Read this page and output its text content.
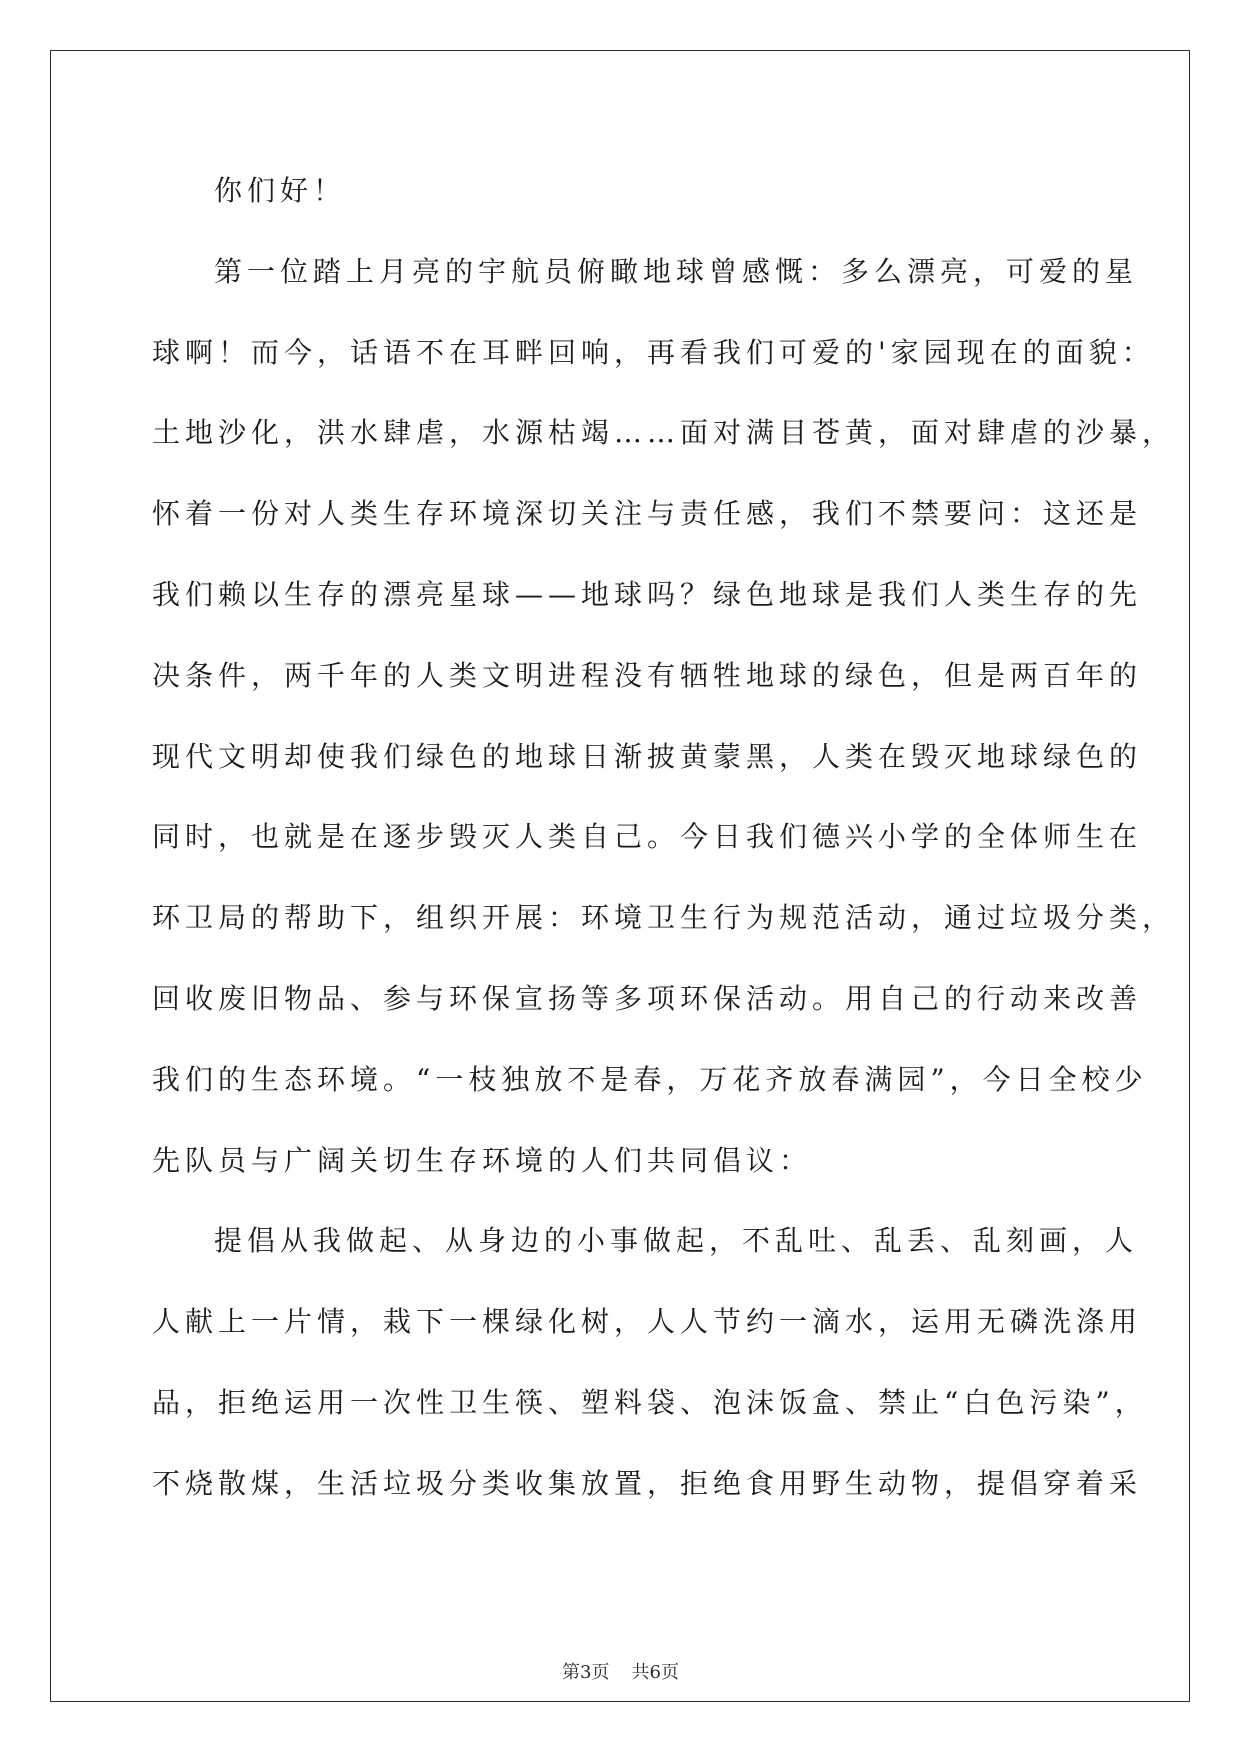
你们好！
第一位踏上月亮的宇航员俯瞰地球曾感慨：多么漂亮，可爱的星
球啊！而今，话语不在耳畔回响，再看我们可爱的'家园现在的面貌：
土地沙化，洪水肆虐，水源枯竭……面对满目苍黄，面对肆虐的沙暴，
怀着一份对人类生存环境深切关注与责任感，我们不禁要问：这还是
我们赖以生存的漂亮星球——地球吗？绿色地球是我们人类生存的先
决条件，两千年的人类文明进程没有牺牲地球的绿色，但是两百年的
现代文明却使我们绿色的地球日渐披黄蒙黑，人类在毁灭地球绿色的
同时，也就是在逐步毁灭人类自己。今日我们德兴小学的全体师生在
环卫局的帮助下，组织开展：环境卫生行为规范活动，通过垃圾分类，
回收废旧物品、参与环保宣扬等多项环保活动。用自己的行动来改善
我们的生态环境。“一枝独放不是春，万花齐放春满园”，今日全校少
先队员与广阔关切生存环境的人们共同倡议：
提倡从我做起、从身边的小事做起，不乱吐、乱丢、乱刻画，人
人献上一片情，栽下一棵绿化树，人人节约一滴水，运用无磷洗涤用
品，拒绝运用一次性卫生筷、塑料袋、泡沫饭盒、禁止“白色污染”，
不烧散煤，生活垃圾分类收集放置，拒绝食用野生动物，提倡穿着采
第3页 共6页
